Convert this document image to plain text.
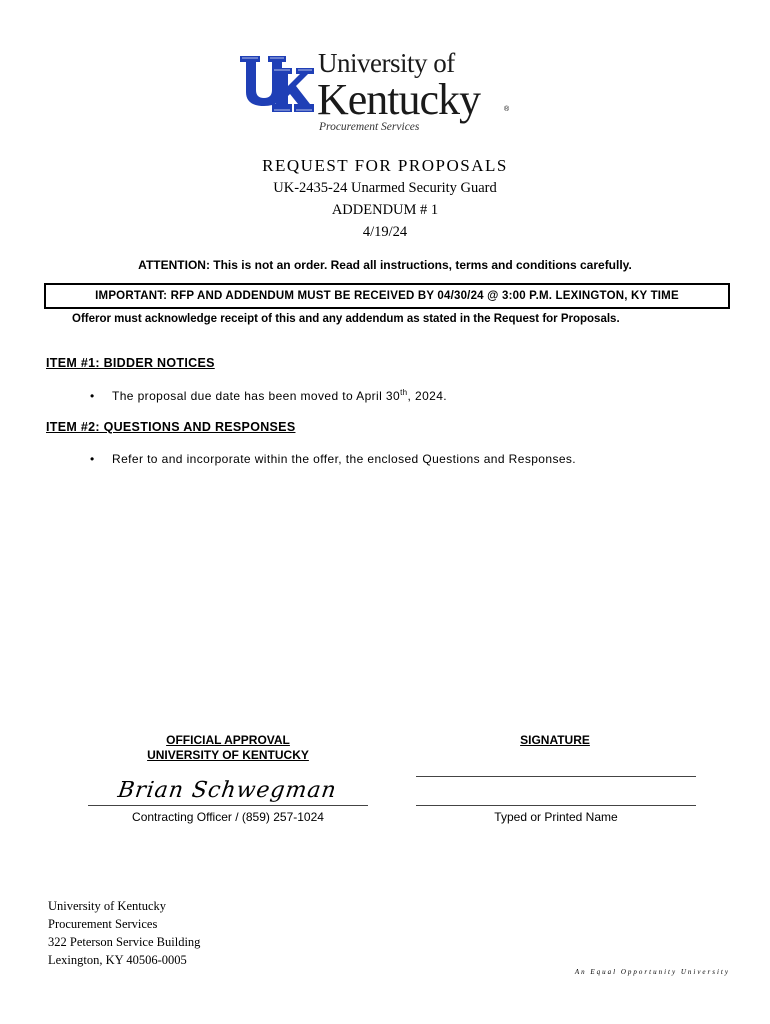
University of
Kentucky	®
Procurement Services
REQUEST FOR PROPOSALS
UK-2435-24 Unarmed Security Guard
ADDENDUM # 1
4/19/24
ATTENTION: This is not an order. Read all instructions, terms and conditions carefully.
IMPORTANT: RFP AND ADDENDUM MUST BE RECEIVED BY 04/30/24 @ 3:00 P.M. LEXINGTON, KY TIME
Offeror must acknowledge receipt of this and any addendum as stated in the Request for Proposals.
ITEM #1: BIDDER NOTICES
• The proposal due date has been moved to April 30th, 2024.
ITEM #2: QUESTIONS AND RESPONSES
• Refer to and incorporate within the offer, the enclosed Questions and Responses.
OFFICIAL APPROVAL
UNIVERSITY OF KENTUCKY
SIGNATURE
Brian Schwegman
Contracting Officer / (859) 257-1024	Typed or Printed Name
University of Kentucky
Procurement Services
322 Peterson Service Building
Lexington, KY 40506-0005
An Equal Opportunity University
